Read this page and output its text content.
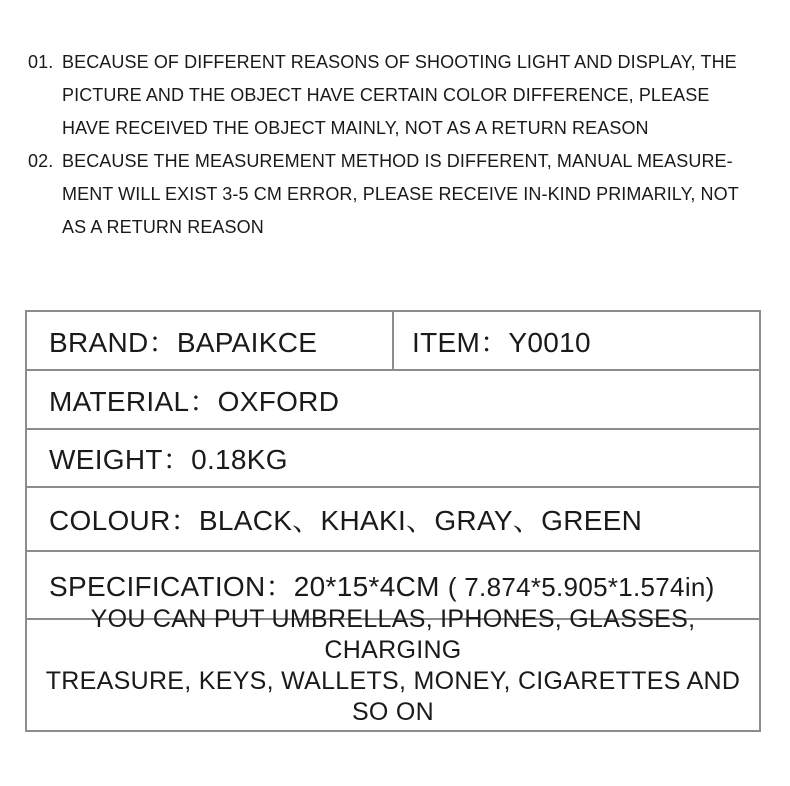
01. BECAUSE OF DIFFERENT REASONS OF SHOOTING LIGHT AND DISPLAY, THE PICTURE AND THE OBJECT HAVE CERTAIN COLOR DIFFERENCE, PLEASE HAVE RECEIVED THE OBJECT MAINLY, NOT AS A RETURN REASON
02. BECAUSE THE MEASUREMENT METHOD IS DIFFERENT, MANUAL MEASURE-MENT WILL EXIST 3-5 CM ERROR, PLEASE RECEIVE IN-KIND PRIMARILY, NOT AS A RETURN REASON
BRAND：BAPAIKCE	ITEM：Y0010
MATERIAL：OXFORD
WEIGHT：0.18KG
COLOUR：BLACK、KHAKI、GRAY、GREEN
SPECIFICATION：20*15*4CM ( 7.874*5.905*1.574in)
YOU CAN PUT UMBRELLAS, IPHONES, GLASSES, CHARGING
TREASURE, KEYS, WALLETS, MONEY, CIGARETTES AND SO ON
